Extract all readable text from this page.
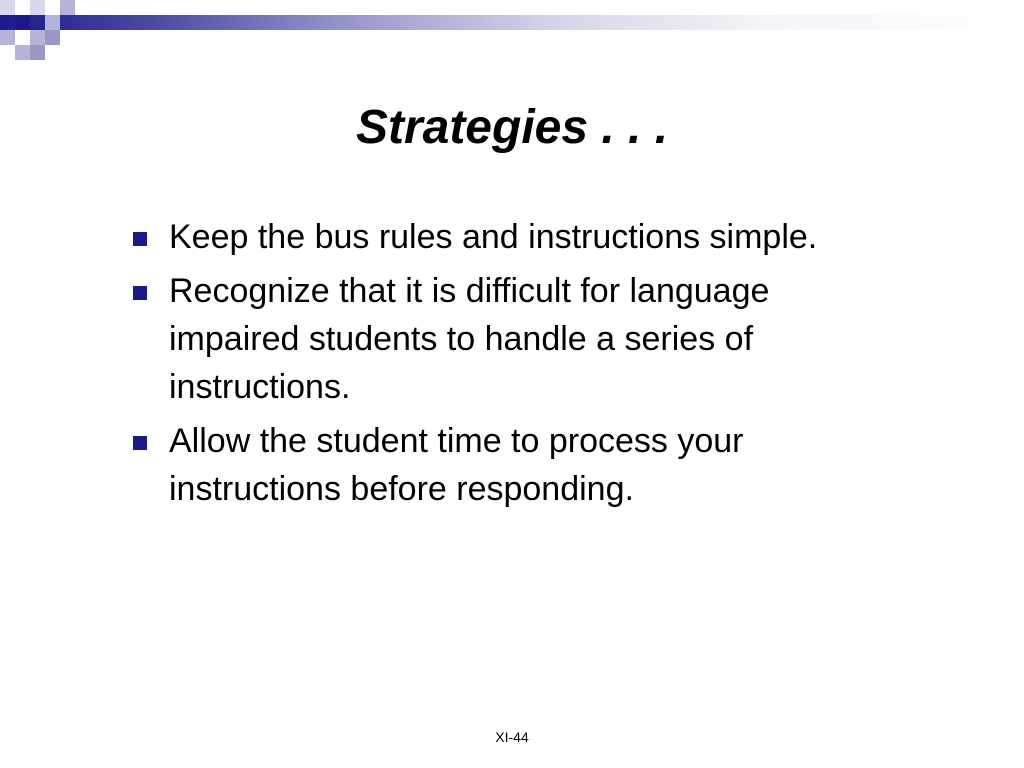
Strategies . . .
Keep the bus rules and instructions simple.
Recognize that it is difficult for language impaired students to handle a series of instructions.
Allow the student time to process your instructions before responding.
XI-44
